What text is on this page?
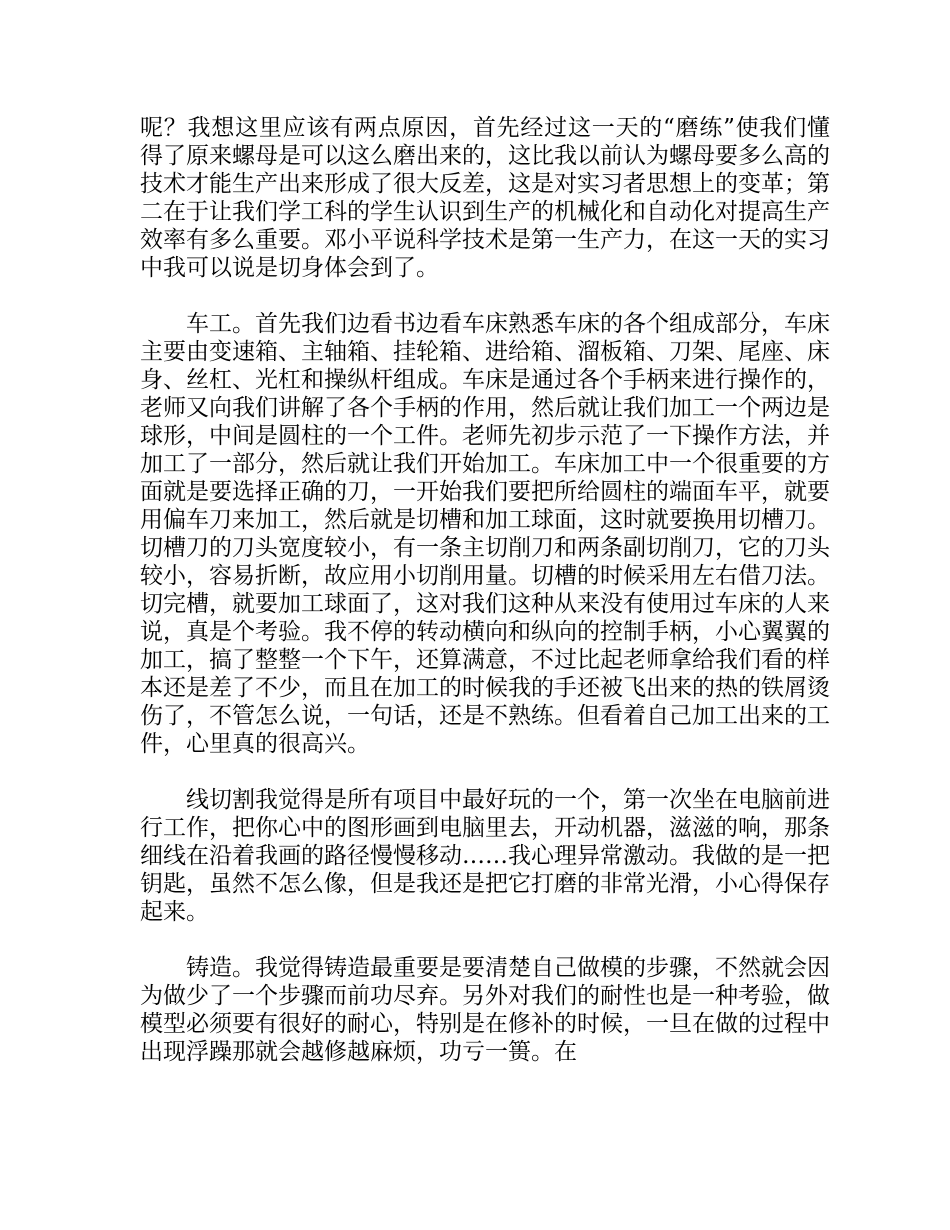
呢？我想这里应该有两点原因，首先经过这一天的“磨练”使我们懂得了原来螺母是可以这么磨出来的，这比我以前认为螺母要多么高的技术才能生产出来形成了很大反差，这是对实习者思想上的变革；第二在于让我们学工科的学生认识到生产的机械化和自动化对提高生产效率有多么重要。邓小平说科学技术是第一生产力，在这一天的实习中我可以说是切身体会到了。

车工。首先我们边看书边看车床熟悉车床的各个组成部分，车床主要由变速箱、主轴箱、挂轮箱、进给箱、溜板箱、刀架、尾座、床身、丝杠、光杠和操纵杆组成。车床是通过各个手柄来进行操作的，老师又向我们讲解了各个手柄的作用，然后就让我们加工一个两边是球形，中间是圆柱的一个工件。老师先初步示范了一下操作方法，并加工了一部分，然后就让我们开始加工。车床加工中一个很重要的方面就是要选择正确的刀，一开始我们要把所给圆柱的端面车平，就要用偏车刀来加工，然后就是切槽和加工球面，这时就要换用切槽刀。切槽刀的刀头宽度较小，有一条主切削刀和两条副切削刀，它的刀头较小，容易折断，故应用小切削用量。切槽的时候采用左右借刀法。切完槽，就要加工球面了，这对我们这种从来没有使用过车床的人来说，真是个考验。我不停的转动横向和纵向的控制手柄，小心翼翼的加工，搞了整整一个下午，还算满意，不过比起老师拿给我们看的样本还是差了不少，而且在加工的时候我的手还被飞出来的热的铁屑烫伤了，不管怎么说，一句话，还是不熟练。但看着自己加工出来的工件，心里真的很高兴。

线切割我觉得是所有项目中最好玩的一个，第一次坐在电脑前进行工作，把你心中的图形画到电脑里去，开动机器，滋滋的响，那条细线在沿着我画的路径慢慢移动……我心理异常激动。我做的是一把钥匙，虽然不怎么像，但是我还是把它打磨的非常光滑，小心得保存起来。

铸造。我觉得铸造最重要是要清楚自己做模的步骤，不然就会因为做少了一个步骤而前功尽弃。另外对我们的耐性也是一种考验，做模型必须要有很好的耐心，特别是在修补的时候，一旦在做的过程中出现浮躁那就会越修越麻烦，功亏一篑。在
